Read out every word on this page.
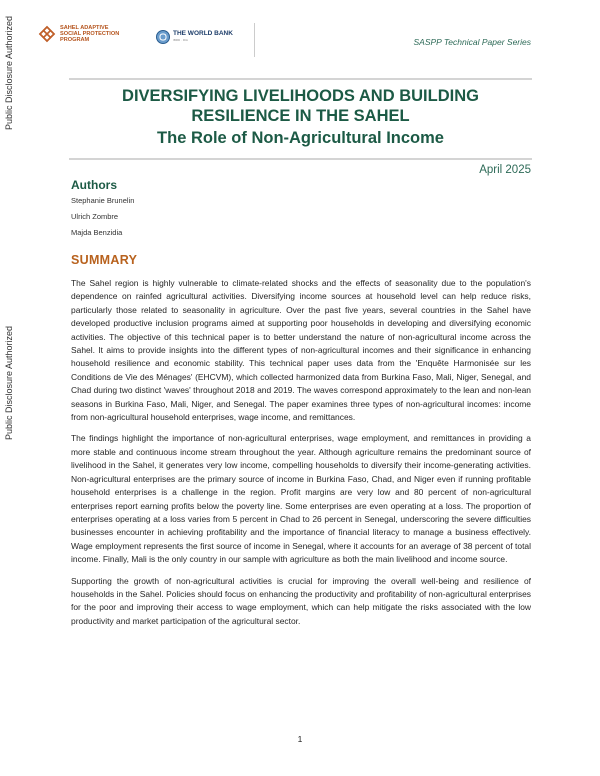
Public Disclosure Authorized
Public Disclosure Authorized
SAHEL ADAPTIVE
SOCIAL PROTECTION
PROGRAM
THE WORLD BANK
IBRD · IDA	SASPP Technical Paper Series
DIVERSIFYING LIVELIHOODS AND BUILDING
RESILIENCE IN THE SAHEL
The Role of Non-Agricultural Income
April 2025
Authors
Stephanie Brunelin
Ulrich Zombre
Majda Benzidia
SUMMARY

The Sahel region is highly vulnerable to climate-related shocks and the effects of seasonality due to the population's dependence on rainfed agricultural activities. Diversifying income sources at household level can help reduce risks, particularly those related to seasonality in agriculture. Over the past five years, several countries in the Sahel have developed productive inclusion programs aimed at supporting poor households in developing and diversifying economic activities. The objective of this technical paper is to better understand the nature of non-agricultural income across the Sahel. It aims to provide insights into the different types of non-agricultural incomes and their significance in enhancing household resilience and economic stability. This technical paper uses data from the 'Enquête Harmonisée sur les Conditions de Vie des Ménages' (EHCVM), which collected harmonized data from Burkina Faso, Mali, Niger, Senegal, and Chad during two distinct 'waves' throughout 2018 and 2019. The waves correspond approximately to the lean and non-lean seasons in Burkina Faso, Mali, Niger, and Senegal. The paper examines three types of non-agricultural incomes: income from non-agricultural household enterprises, wage income, and remittances.

The findings highlight the importance of non-agricultural enterprises, wage employment, and remittances in providing a more stable and continuous income stream throughout the year. Although agriculture remains the predominant source of livelihood in the Sahel, it generates very low income, compelling households to diversify their income-generating activities. Non-agricultural enterprises are the primary source of income in Burkina Faso, Chad, and Niger even if running profitable household enterprises is a challenge in the region. Profit margins are very low and 80 percent of non-agricultural enterprises report earning profits below the poverty line. Some enterprises are even operating at a loss. The proportion of enterprises operating at a loss varies from 5 percent in Chad to 26 percent in Senegal, underscoring the severe difficulties businesses encounter in achieving profitability and the importance of financial literacy to manage a business effectively. Wage employment represents the first source of income in Senegal, where it accounts for an average of 38 percent of total income. Finally, Mali is the only country in our sample with agriculture as both the main livelihood and income source.

Supporting the growth of non-agricultural activities is crucial for improving the overall well-being and resilience of households in the Sahel. Policies should focus on enhancing the productivity and profitability of non-agricultural enterprises for the poor and improving their access to wage employment, which can help mitigate the risks associated with the low productivity and market participation of the agricultural sector.

1
